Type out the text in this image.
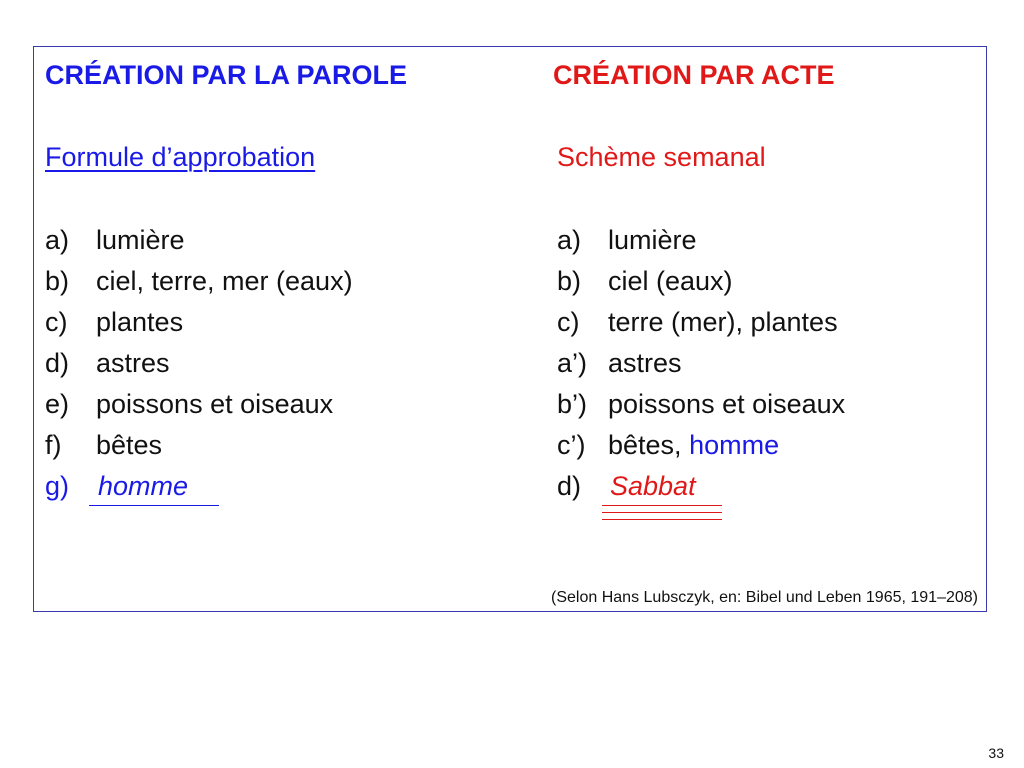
CRÉATION PAR LA PAROLE	CRÉATION PAR ACTE
Formule d’approbation	Schème semanal
a) lumière
b) ciel, terre, mer (eaux)
c) plantes
d) astres
e) poissons et oiseaux
f) bêtes
g) homme
a) lumière
b) ciel (eaux)
c) terre (mer), plantes
a’) astres
b’) poissons et oiseaux
c’) bêtes, homme
d) Sabbat
(Selon Hans Lubsczyk, en: Bibel und Leben 1965, 191–208)
33
